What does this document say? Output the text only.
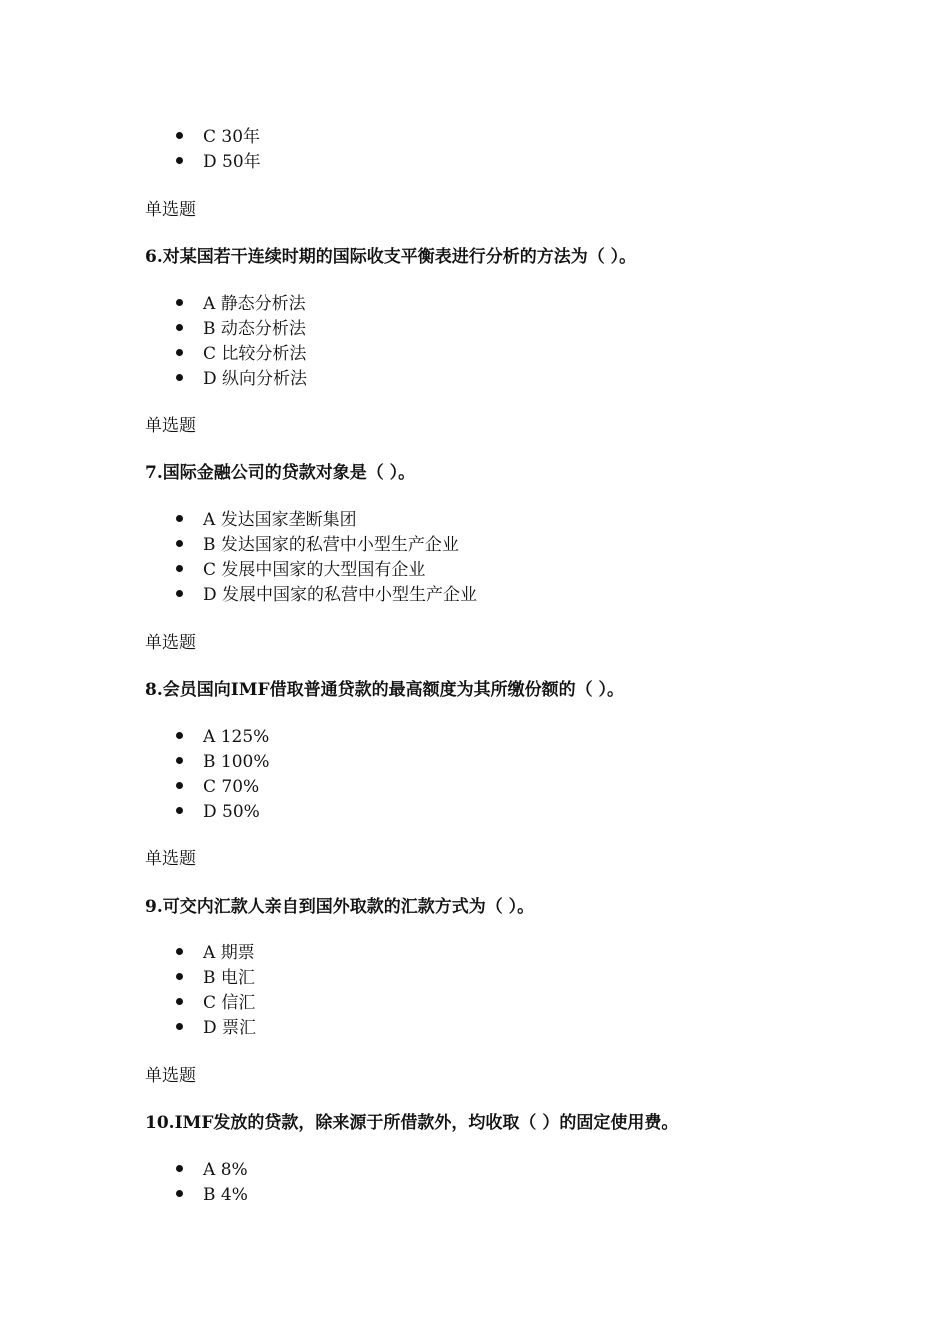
C 30年
D 50年
单选题
6.对某国若干连续时期的国际收支平衡表进行分析的方法为（ ）。
A 静态分析法
B 动态分析法
C 比较分析法
D 纵向分析法
单选题
7.国际金融公司的贷款对象是（ ）。
A 发达国家垄断集团
B 发达国家的私营中小型生产企业
C 发展中国家的大型国有企业
D 发展中国家的私营中小型生产企业
单选题
8.会员国向IMF借取普通贷款的最高额度为其所缴份额的（ ）。
A 125%
B 100%
C 70%
D 50%
单选题
9.可交内汇款人亲自到国外取款的汇款方式为（ ）。
A 期票
B 电汇
C 信汇
D 票汇
单选题
10.IMF发放的贷款，除来源于所借款外，均收取（ ）的固定使用费。
A 8%
B 4%
